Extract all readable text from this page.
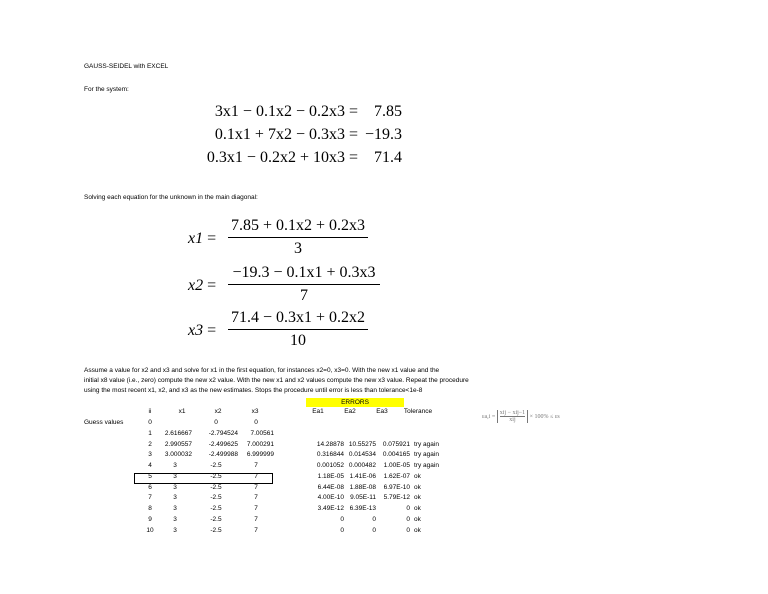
GAUSS-SEIDEL with EXCEL
For the system:
3x1 − 0.1x2 − 0.2x3 = 7.85
0.1x1 + 7x2 − 0.3x3 = −19.3
0.3x1 − 0.2x2 + 10x3 = 71.4
Solving each equation for the unknown in the main diagonal:
x1 =
7.85 + 0.1x2 + 0.2x3
3
x2 =
−19.3 − 0.1x1 + 0.3x3
7
x3 =
71.4 − 0.3x1 + 0.2x2
10
Assume a value for x2 and x3 and solve for x1 in the first equation, for instances x2=0, x3=0. With the new x1 value and the
initial x8 value (i.e., zero) compute the new x2 value. With the new x1 and x2 values compute the new x3 value. Repeat the procedure
using the most recent x1, x2, and x3 as the new estimates. Stops the procedure until error is less than tolerance<1e-8
ERRORS
ii	x1	x2	x3	Ea1	Ea2	Ea3	Tolerance
Guess values	0	0	0
1	2.616667	-2.794524	7.00561
2	2.990557	-2.499625	7.000291	14.28878 10.55275	0.075921 try again
3	3.000032	-2.499988	6.999999	0.316844 0.014534	0.004165 try again
4	3	-2.5	7	0.001052 0.000482	1.00E-05 try again
5	3	-2.5	7	1.18E-05 1.41E-06	1.62E-07 ok
6	3	-2.5	7	6.44E-08 1.88E-08	6.97E-10 ok
7	3	-2.5	7	4.00E-10 9.05E-11	5.79E-12 ok
8	3	-2.5	7	3.49E-12 6.39E-13	0 ok
9	3	-2.5	7	0	0	0 ok
10	3	-2.5	7	0	0	0 ok
εa,i =
xij − xij−1
xij
× 100% ≤ εs
